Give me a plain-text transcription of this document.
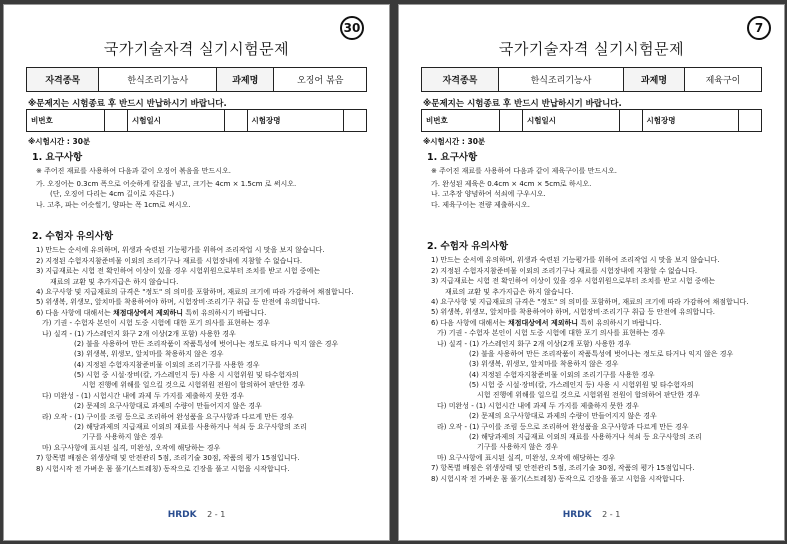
30
국가기술자격 실기시험문제
자격종목	한식조리기능사	과제명	오징어 볶음
※문제지는 시험종료 후 반드시 반납하시기 바랍니다.
비번호		시험일시		시험장명	
※시험시간 : 30분
1. 요구사항
※ 주어진 재료를 사용하여 다음과 같이 오징어 볶음을 만드시오.
가. 오징어는 0.3cm 폭으로 어슷하게 칼집을 넣고, 크기는 4cm × 1.5cm 로 써시오.
(단, 오징어 다리는 4cm 길이로 자른다.)
나. 고추, 파는 어슷썰기, 양파는 폭 1cm로 써시오.
2. 수험자 유의사항
1) 만드는 순서에 유의하며, 위생과 숙련된 기능평가를 위하여 조리작업 시 맛을 보지 않습니다.
2) 지정된 수험자지참준비물 이외의 조리기구나 재료를 시험장내에 지참할 수 없습니다.
3) 지급재료는 시험 전 확인하여 이상이 있을 경우 시험위원으로부터 조치를 받고 시험 중에는
재료의 교환 및 추가지급은 하지 않습니다.
4) 요구사항 및 지급재료의 규격은 "정도" 의 의미를 포함하며, 재료의 크기에 따라 가감하여 채점합니다.
5) 위생복, 위생모, 앞치마를 착용하여야 하며, 시험장비·조리기구 취급 등 안전에 유의합니다.
6) 다음 사항에 대해서는 채점대상에서 제외하니 특히 유의하시기 바랍니다.
가) 기권 - 수험자 본인이 시험 도중 시험에 대한 포기 의사를 표현하는 경우
나) 실격 - (1) 가스레인지 화구 2개 이상(2개 포함) 사용한 경우
(2) 불을 사용하여 만든 조리작품이 작품특성에 벗어나는 정도로 타거나 익지 않은 경우
(3) 위생복, 위생모, 앞치마를 착용하지 않은 경우
(4) 지정된 수험자지참준비물 이외의 조리기구를 사용한 경우
(5) 시험 중 시설·장비(칼, 가스레인지 등) 사용 시 시험위원 및 타수험자의
시험 진행에 위해를 일으킬 것으로 시험위원 전원이 합의하여 판단한 경우
다) 미완성 - (1) 시험시간 내에 과제 두 가지를 제출하지 못한 경우
(2) 문제의 요구사항대로 과제의 수량이 만들어지지 않은 경우
라) 오작 - (1) 구이를 조림 등으로 조리하여 완성품을 요구사항과 다르게 만든 경우
(2) 해당과제의 지급재료 이외의 재료를 사용하거나 석쇠 등 요구사항의 조리
기구를 사용하지 않은 경우
마) 요구사항에 표시된 실격, 미완성, 오작에 해당하는 경우
7) 항목별 배점은 위생상태 및 안전관리 5점, 조리기술 30점, 작품의 평가 15점입니다.
8) 시험시작 전 가벼운 몸 풀기(스트레칭) 동작으로 긴장을 풀고 시험을 시작합니다.
HRDK 2 - 1
7
국가기술자격 실기시험문제
자격종목	한식조리기능사	과제명	제육구이
※문제지는 시험종료 후 반드시 반납하시기 바랍니다.
비번호		시험일시		시험장명	
※시험시간 : 30분
1. 요구사항
※ 주어진 재료를 사용하여 다음과 같이 제육구이를 만드시오.
가. 완성된 제육은 0.4cm × 4cm × 5cm로 하시오.
나. 고추장 양념하여 석쇠에 구우시오.
다. 제육구이는 전량 제출하시오.
2. 수험자 유의사항
1) 만드는 순서에 유의하며, 위생과 숙련된 기능평가를 위하여 조리작업 시 맛을 보지 않습니다.
2) 지정된 수험자지참준비물 이외의 조리기구나 재료를 시험장내에 지참할 수 없습니다.
3) 지급재료는 시험 전 확인하여 이상이 있을 경우 시험위원으로부터 조치를 받고 시험 중에는
재료의 교환 및 추가지급은 하지 않습니다.
4) 요구사항 및 지급재료의 규격은 "정도" 의 의미를 포함하며, 재료의 크기에 따라 가감하여 채점합니다.
5) 위생복, 위생모, 앞치마를 착용하여야 하며, 시험장비·조리기구 취급 등 안전에 유의합니다.
6) 다음 사항에 대해서는 채점대상에서 제외하니 특히 유의하시기 바랍니다.
가) 기권 - 수험자 본인이 시험 도중 시험에 대한 포기 의사를 표현하는 경우
나) 실격 - (1) 가스레인지 화구 2개 이상(2개 포함) 사용한 경우
(2) 불을 사용하여 만든 조리작품이 작품특성에 벗어나는 정도로 타거나 익지 않은 경우
(3) 위생복, 위생모, 앞치마를 착용하지 않은 경우
(4) 지정된 수험자지참준비물 이외의 조리기구를 사용한 경우
(5) 시험 중 시설·장비(칼, 가스레인지 등) 사용 시 시험위원 및 타수험자의
시험 진행에 위해를 일으킬 것으로 시험위원 전원이 합의하여 판단한 경우
다) 미완성 - (1) 시험시간 내에 과제 두 가지를 제출하지 못한 경우
(2) 문제의 요구사항대로 과제의 수량이 만들어지지 않은 경우
라) 오작 - (1) 구이를 조림 등으로 조리하여 완성품을 요구사항과 다르게 만든 경우
(2) 해당과제의 지급재료 이외의 재료를 사용하거나 석쇠 등 요구사항의 조리
기구를 사용하지 않은 경우
마) 요구사항에 표시된 실격, 미완성, 오작에 해당하는 경우
7) 항목별 배점은 위생상태 및 안전관리 5점, 조리기술 30점, 작품의 평가 15점입니다.
8) 시험시작 전 가벼운 몸 풀기(스트레칭) 동작으로 긴장을 풀고 시험을 시작합니다.
HRDK 2 - 1
